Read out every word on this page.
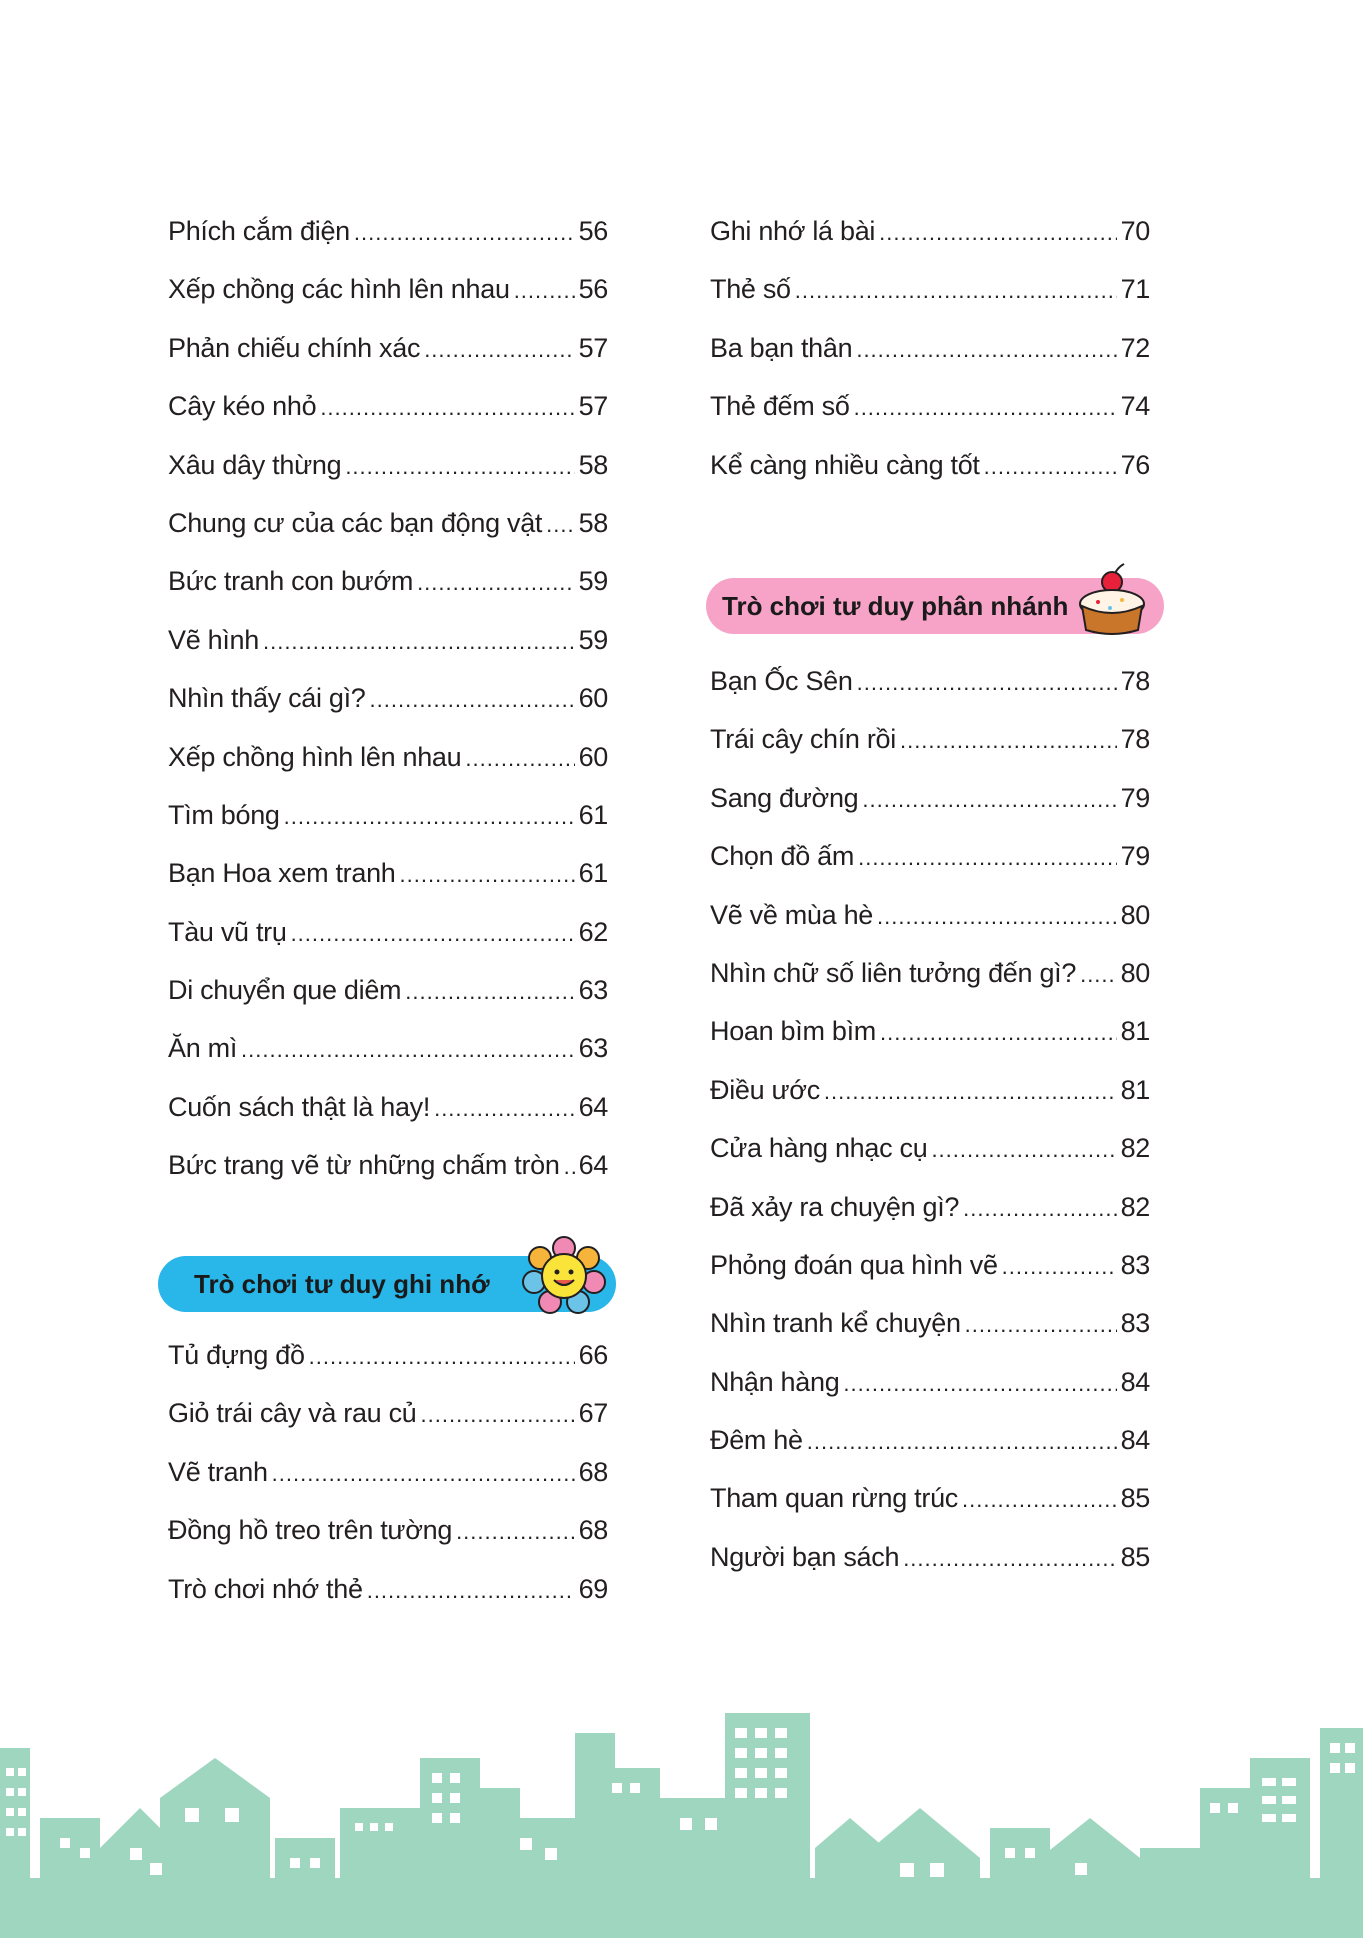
Phích cắm điện .....	56
Xếp chồng các hình lên nhau .....	56
Phản chiếu chính xác .....	57
Cây kéo nhỏ .....	57
Xâu dây thừng .....	58
Chung cư của các bạn động vật ..... 58
Bức tranh con bướm .....	59
Vẽ hình .....	59
Nhìn thấy cái gì? .....	60
Xếp chồng hình lên nhau .....	60
Tìm bóng .....	61
Bạn Hoa xem tranh .....	61
Tàu vũ trụ .....	62
Di chuyển que diêm .....	63
Ăn mì .....	63
Cuốn sách thật là hay! .....	64
Bức trang vẽ từ những chấm tròn ..... 64
Trò chơi tư duy ghi nhớ
Tủ đựng đồ .....	66
Giỏ trái cây và rau củ .....	67
Vẽ tranh .....	68
Đồng hồ treo trên tường .....	68
Trò chơi nhớ thẻ .....	69
Ghi nhớ lá bài .....	70
Thẻ số .....	71
Ba bạn thân .....	72
Thẻ đếm số .....	74
Kể càng nhiều càng tốt .....	76
Trò chơi tư duy phân nhánh
Bạn Ốc Sên .....	78
Trái cây chín rồi .....	78
Sang đường .....	79
Chọn đồ ấm .....	79
Vẽ về mùa hè .....	80
Nhìn chữ số liên tưởng đến gì? ..... 80
Hoan bìm bìm .....	81
Điều ước .....	81
Cửa hàng nhạc cụ .....	82
Đã xảy ra chuyện gì? .....	82
Phỏng đoán qua hình vẽ .....	83
Nhìn tranh kể chuyện .....	83
Nhận hàng .....	84
Đêm hè .....	84
Tham quan rừng trúc .....	85
Người bạn sách .....	85
